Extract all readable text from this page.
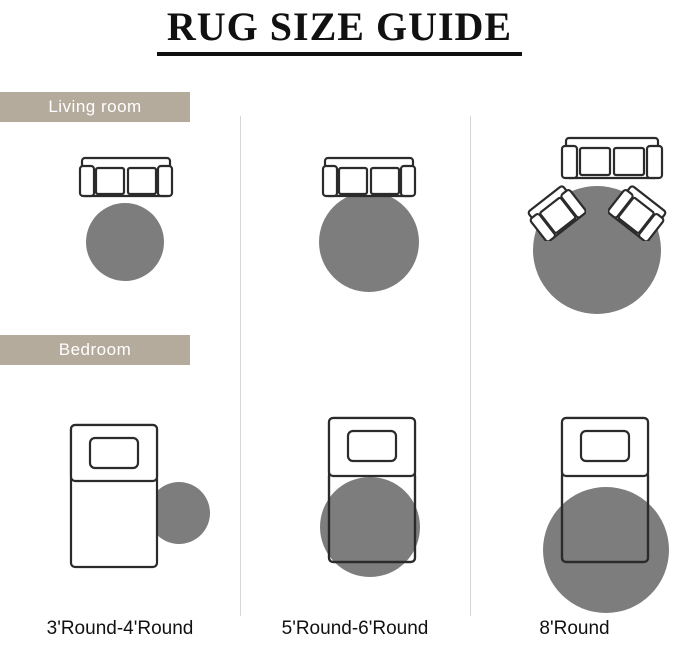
RUG SIZE GUIDE
Living room
Bedroom
3'Round-4'Round	5'Round-6'Round	8'Round
